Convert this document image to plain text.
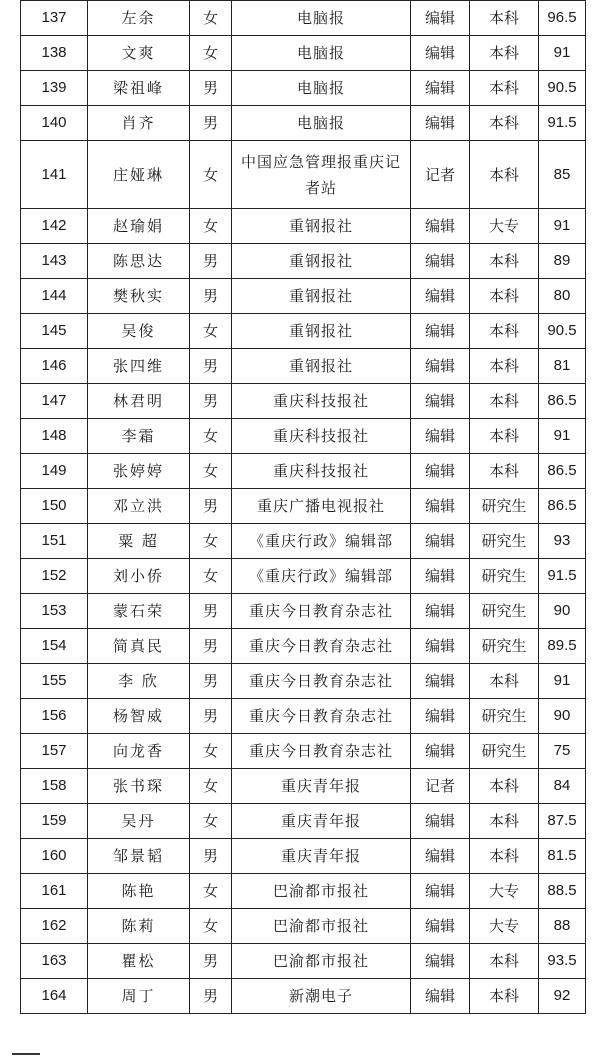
137	左余	女	电脑报	编辑	本科	96.5
138	文爽	女	电脑报	编辑	本科	91
139	梁祖峰	男	电脑报	编辑	本科	90.5
140	肖齐	男	电脑报	编辑	本科	91.5
141	庄娅琳	女	中国应急管理报重庆记者站	记者	本科	85
142	赵瑜娟	女	重钢报社	编辑	大专	91
143	陈思达	男	重钢报社	编辑	本科	89
144	樊秋实	男	重钢报社	编辑	本科	80
145	吴俊	女	重钢报社	编辑	本科	90.5
146	张四维	男	重钢报社	编辑	本科	81
147	林君明	男	重庆科技报社	编辑	本科	86.5
148	李霜	女	重庆科技报社	编辑	本科	91
149	张婷婷	女	重庆科技报社	编辑	本科	86.5
150	邓立洪	男	重庆广播电视报社	编辑	研究生	86.5
151	粟 超	女	《重庆行政》编辑部	编辑	研究生	93
152	刘小侨	女	《重庆行政》编辑部	编辑	研究生	91.5
153	蒙石荣	男	重庆今日教育杂志社	编辑	研究生	90
154	简真民	男	重庆今日教育杂志社	编辑	研究生	89.5
155	李 欣	男	重庆今日教育杂志社	编辑	本科	91
156	杨智威	男	重庆今日教育杂志社	编辑	研究生	90
157	向龙香	女	重庆今日教育杂志社	编辑	研究生	75
158	张书琛	女	重庆青年报	记者	本科	84
159	吴丹	女	重庆青年报	编辑	本科	87.5
160	邹景韬	男	重庆青年报	编辑	本科	81.5
161	陈艳	女	巴渝都市报社	编辑	大专	88.5
162	陈莉	女	巴渝都市报社	编辑	大专	88
163	瞿松	男	巴渝都市报社	编辑	本科	93.5
164	周丁	男	新潮电子	编辑	本科	92
